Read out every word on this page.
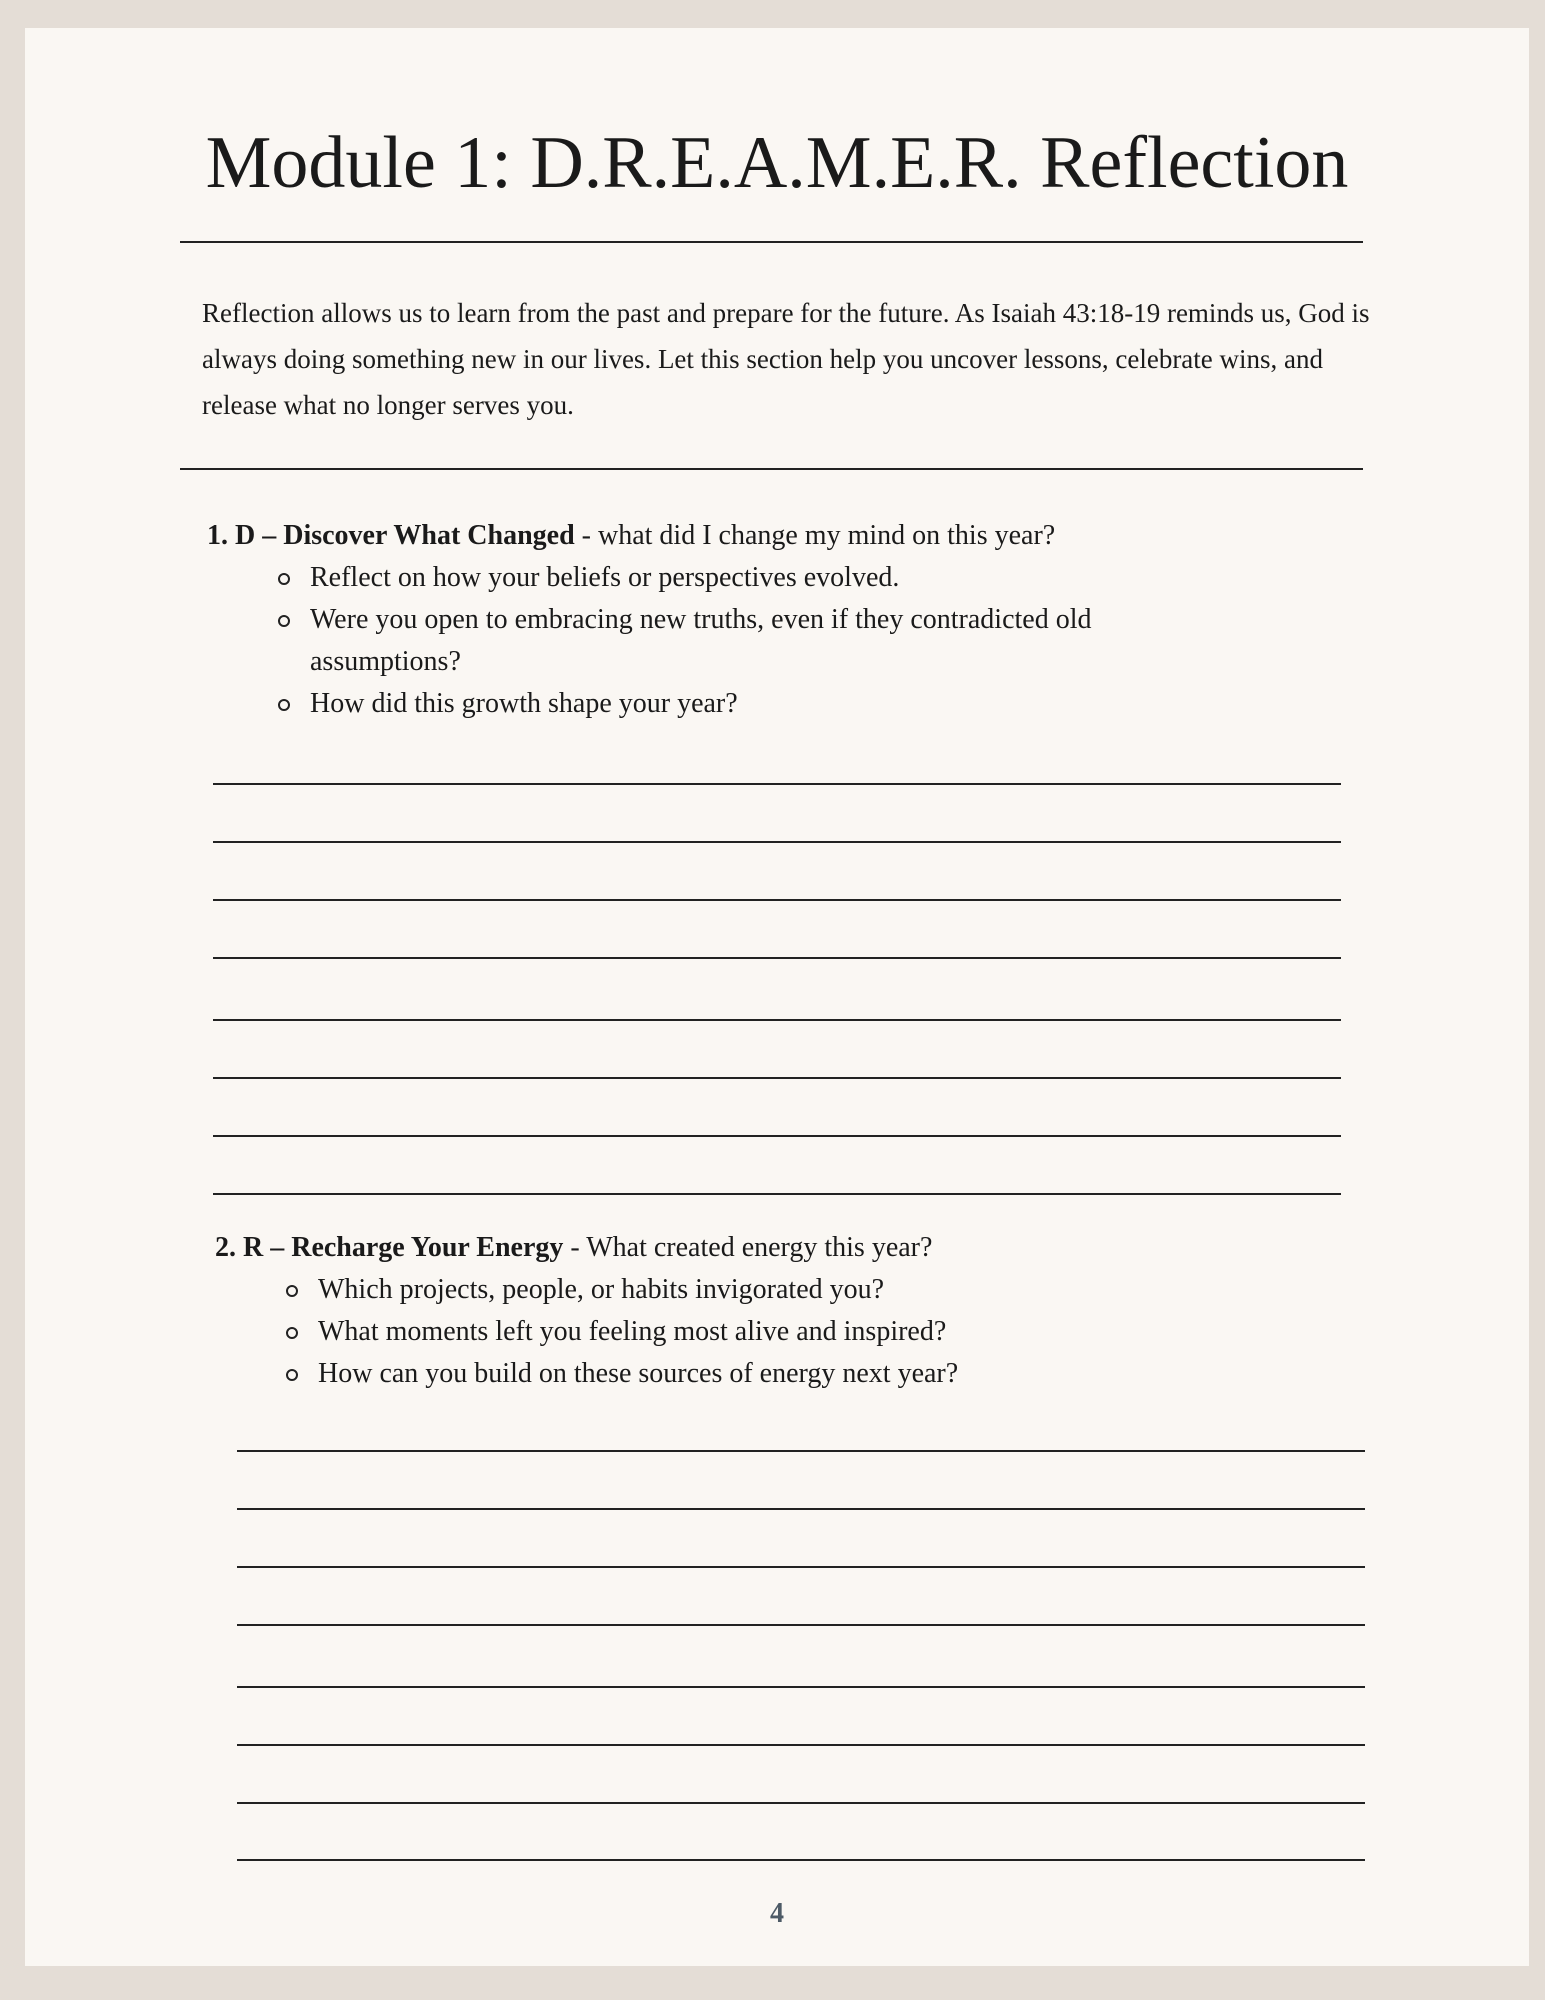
Module 1: D.R.E.A.M.E.R. Reflection

Reflection allows us to learn from the past and prepare for the future. As Isaiah 43:18-19 reminds us, God is always doing something new in our lives. Let this section help you uncover lessons, celebrate wins, and release what no longer serves you.

1. D – Discover What Changed - what did I change my mind on this year?
Reflect on how your beliefs or perspectives evolved.
Were you open to embracing new truths, even if they contradicted old assumptions?
How did this growth shape your year?
2. R – Recharge Your Energy - What created energy this year?
Which projects, people, or habits invigorated you?
What moments left you feeling most alive and inspired?
How can you build on these sources of energy next year?
4
